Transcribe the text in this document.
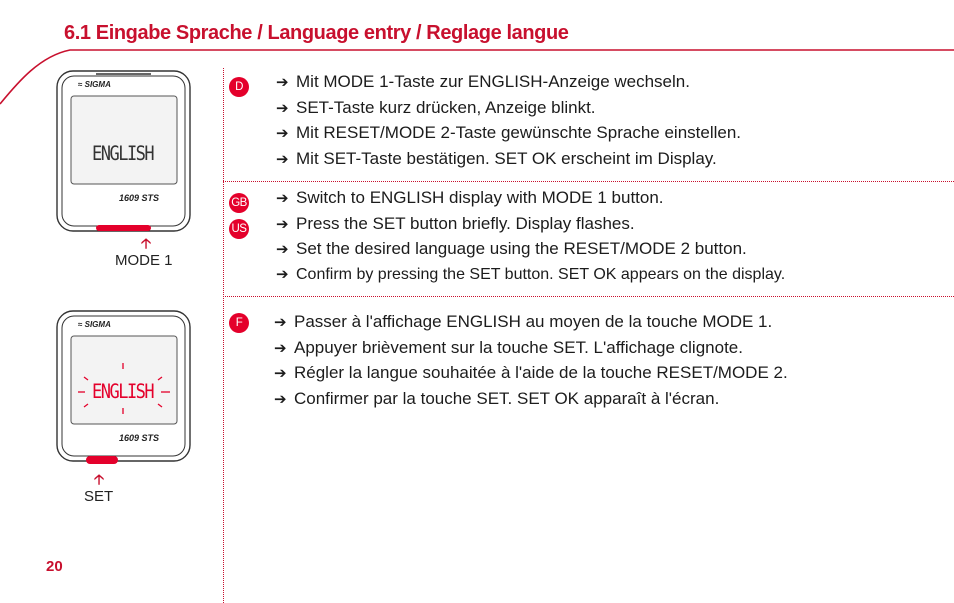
6.1 Eingabe Sprache / Language entry / Reglage langue
≈ SIGMA
ENGLISH
1609 STS
🡡
MODE 1
≈ SIGMA
ENGLISH
1609 STS
🡡
SET
D
GB
US
F
➔ Mit MODE 1-Taste zur ENGLISH-Anzeige wechseln.
➔ SET-Taste kurz drücken, Anzeige blinkt.
➔ Mit RESET/MODE 2-Taste gewünschte Sprache einstellen.
➔ Mit SET-Taste bestätigen. SET OK erscheint im Display.
➔ Switch to ENGLISH display with MODE 1 button.
➔ Press the SET button briefly. Display flashes.
➔ Set the desired language using the RESET/MODE 2 button.
➔ Confirm by pressing the SET button. SET OK appears on the display.
➔ Passer à l'affichage ENGLISH au moyen de la touche MODE 1.
➔ Appuyer brièvement sur la touche SET. L'affichage clignote.
➔ Régler la langue souhaitée à l'aide de la touche RESET/MODE 2.
➔ Confirmer par la touche SET. SET OK apparaît à l'écran.
20
